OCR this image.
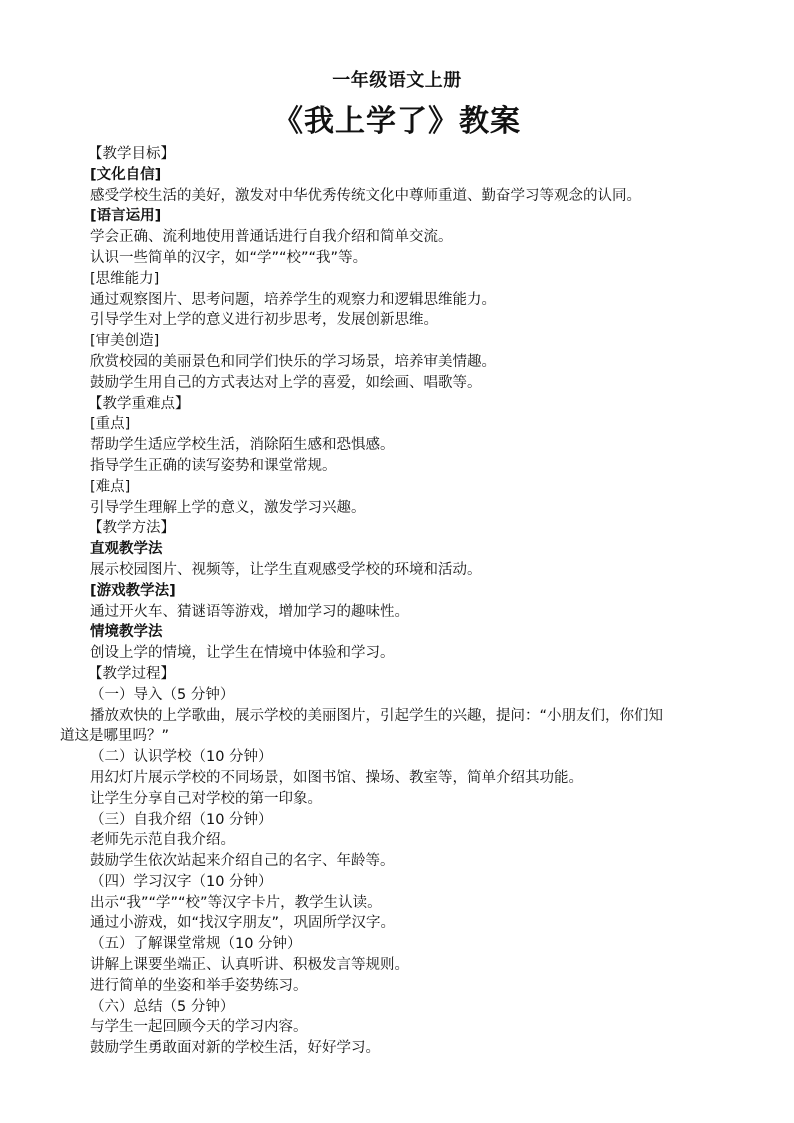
一年级语文上册
《我上学了》教案
【教学目标】
[文化自信]
感受学校生活的美好，激发对中华优秀传统文化中尊师重道、勤奋学习等观念的认同。
[语言运用]
学会正确、流利地使用普通话进行自我介绍和简单交流。
认识一些简单的汉字，如“学”“校”“我”等。
[思维能力]
通过观察图片、思考问题，培养学生的观察力和逻辑思维能力。
引导学生对上学的意义进行初步思考，发展创新思维。
[审美创造]
欣赏校园的美丽景色和同学们快乐的学习场景，培养审美情趣。
鼓励学生用自己的方式表达对上学的喜爱，如绘画、唱歌等。
【教学重难点】
[重点]
帮助学生适应学校生活，消除陌生感和恐惧感。
指导学生正确的读写姿势和课堂常规。
[难点]
引导学生理解上学的意义，激发学习兴趣。
【教学方法】
直观教学法
展示校园图片、视频等，让学生直观感受学校的环境和活动。
[游戏教学法]
通过开火车、猜谜语等游戏，增加学习的趣味性。
情境教学法
创设上学的情境，让学生在情境中体验和学习。
【教学过程】
（一）导入（5 分钟）
播放欢快的上学歌曲，展示学校的美丽图片，引起学生的兴趣，提问：“小朋友们，你们知
道这是哪里吗？”
（二）认识学校（10 分钟）
用幻灯片展示学校的不同场景，如图书馆、操场、教室等，简单介绍其功能。
让学生分享自己对学校的第一印象。
（三）自我介绍（10 分钟）
老师先示范自我介绍。
鼓励学生依次站起来介绍自己的名字、年龄等。
（四）学习汉字（10 分钟）
出示“我”“学”“校”等汉字卡片，教学生认读。
通过小游戏，如“找汉字朋友”，巩固所学汉字。
（五）了解课堂常规（10 分钟）
讲解上课要坐端正、认真听讲、积极发言等规则。
进行简单的坐姿和举手姿势练习。
（六）总结（5 分钟）
与学生一起回顾今天的学习内容。
鼓励学生勇敢面对新的学校生活，好好学习。
